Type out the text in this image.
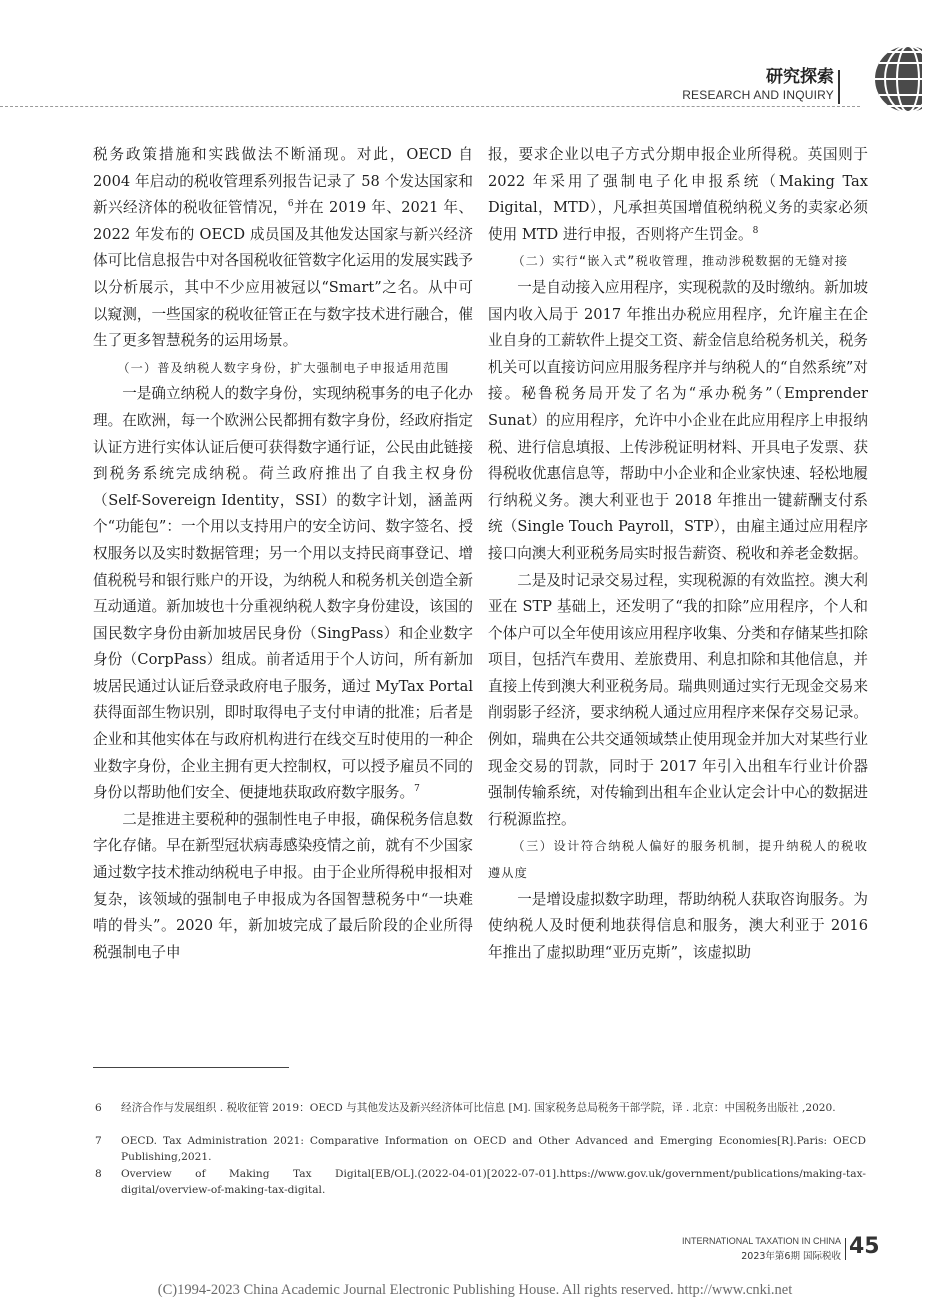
研究探索
RESEARCH AND INQUIRY

税务政策措施和实践做法不断涌现。对此，OECD 自 2004 年启动的税收管理系列报告记录了 58 个发达国家和新兴经济体的税收征管情况，$^6$并在 2019 年、2021 年、2022 年发布的 OECD 成员国及其他发达国家与新兴经济体可比信息报告中对各国税收征管数字化运用的发展实践予以分析展示，其中不少应用被冠以“Smart”之名。从中可以窥测，一些国家的税收征管正在与数字技术进行融合，催生了更多智慧税务的运用场景。

（一）普及纳税人数字身份，扩大强制电子申报适用范围

一是确立纳税人的数字身份，实现纳税事务的电子化办理。在欧洲，每一个欧洲公民都拥有数字身份，经政府指定认证方进行实体认证后便可获得数字通行证，公民由此链接到税务系统完成纳税。荷兰政府推出了自我主权身份（Self-Sovereign Identity，SSI）的数字计划，涵盖两个“功能包”：一个用以支持用户的安全访问、数字签名、授权服务以及实时数据管理；另一个用以支持民商事登记、增值税税号和银行账户的开设，为纳税人和税务机关创造全新互动通道。新加坡也十分重视纳税人数字身份建设，该国的国民数字身份由新加坡居民身份（SingPass）和企业数字身份（CorpPass）组成。前者适用于个人访问，所有新加坡居民通过认证后登录政府电子服务，通过 MyTax Portal 获得面部生物识别，即时取得电子支付申请的批准；后者是企业和其他实体在与政府机构进行在线交互时使用的一种企业数字身份，企业主拥有更大控制权，可以授予雇员不同的身份以帮助他们安全、便捷地获取政府数字服务。$^7$

二是推进主要税种的强制性电子申报，确保税务信息数字化存储。早在新型冠状病毒感染疫情之前，就有不少国家通过数字技术推动纳税电子申报。由于企业所得税申报相对复杂，该领域的强制电子申报成为各国智慧税务中“一块难啃的骨头”。2020 年，新加坡完成了最后阶段的企业所得税强制电子申

报，要求企业以电子方式分期申报企业所得税。英国则于 2022 年采用了强制电子化申报系统（Making Tax Digital，MTD），凡承担英国增值税纳税义务的卖家必须使用 MTD 进行申报，否则将产生罚金。$^8$

（二）实行“嵌入式”税收管理，推动涉税数据的无缝对接

一是自动接入应用程序，实现税款的及时缴纳。新加坡国内收入局于 2017 年推出办税应用程序，允许雇主在企业自身的工薪软件上提交工资、薪金信息给税务机关，税务机关可以直接访问应用服务程序并与纳税人的“自然系统”对接。秘鲁税务局开发了名为“承办税务”（Emprender Sunat）的应用程序，允许中小企业在此应用程序上申报纳税、进行信息填报、上传涉税证明材料、开具电子发票、获得税收优惠信息等，帮助中小企业和企业家快速、轻松地履行纳税义务。澳大利亚也于 2018 年推出一键薪酬支付系统（Single Touch Payroll，STP），由雇主通过应用程序接口向澳大利亚税务局实时报告薪资、税收和养老金数据。

二是及时记录交易过程，实现税源的有效监控。澳大利亚在 STP 基础上，还发明了“我的扣除”应用程序，个人和个体户可以全年使用该应用程序收集、分类和存储某些扣除项目，包括汽车费用、差旅费用、利息扣除和其他信息，并直接上传到澳大利亚税务局。瑞典则通过实行无现金交易来削弱影子经济，要求纳税人通过应用程序来保存交易记录。例如，瑞典在公共交通领域禁止使用现金并加大对某些行业现金交易的罚款，同时于 2017 年引入出租车行业计价器强制传输系统，对传输到出租车企业认定会计中心的数据进行税源监控。

（三）设计符合纳税人偏好的服务机制，提升纳税人的税收遵从度

一是增设虚拟数字助理，帮助纳税人获取咨询服务。为使纳税人及时便利地获得信息和服务，澳大利亚于 2016 年推出了虚拟助理“亚历克斯”，该虚拟助

6 经济合作与发展组织 . 税收征管 2019：OECD 与其他发达及新兴经济体可比信息 [M]. 国家税务总局税务干部学院，译 . 北京：中国税务出版社 ,2020.
7 OECD. Tax Administration 2021: Comparative Information on OECD and Other Advanced and Emerging Economies[R].Paris: OECD Publishing,2021.
8 Overview of Making Tax Digital[EB/OL].(2022-04-01)[2022-07-01].https://www.gov.uk/government/publications/making-tax-digital/overview-of-making-tax-digital.
INTERNATIONAL TAXATION IN CHINA
2023年第6期 国际税收 45
(C)1994-2023 China Academic Journal Electronic Publishing House. All rights reserved. http://www.cnki.net
